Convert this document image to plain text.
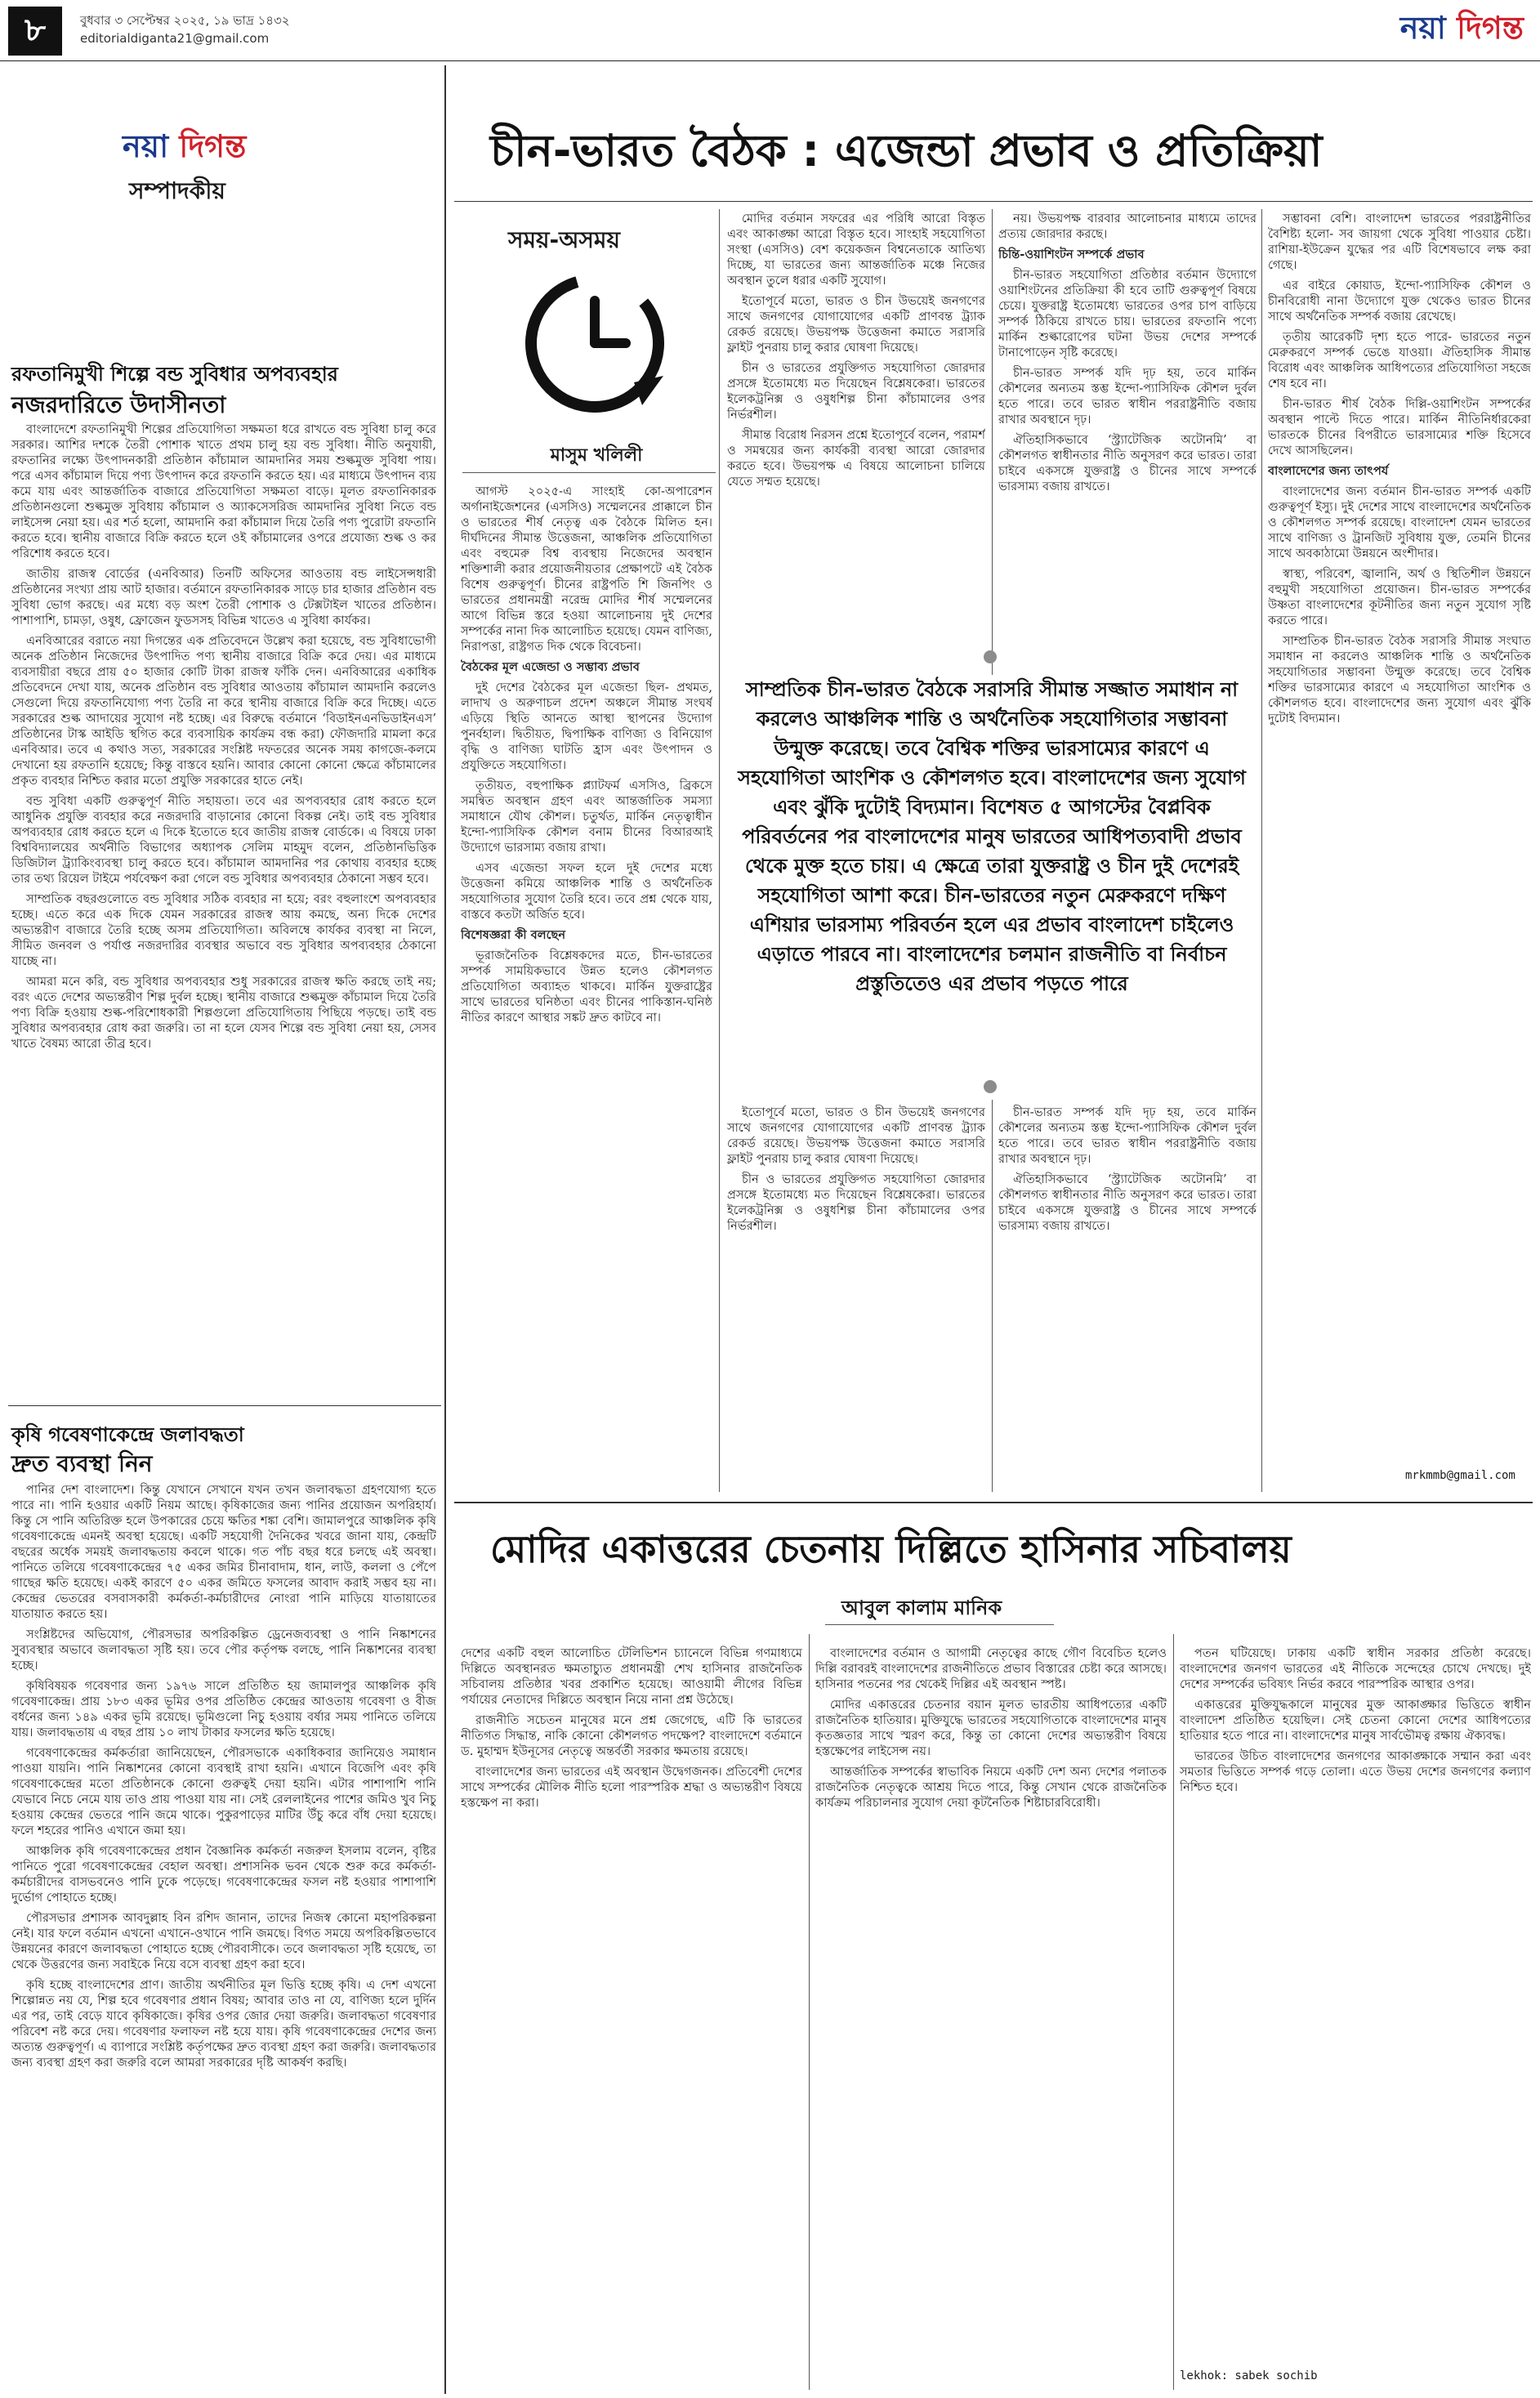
৮	বুধবার ৩ সেপ্টেম্বর ২০২৫, ১৯ ভাদ্র ১৪৩২
editorialdiganta21@gmail.com	নয়া দিগন্ত
নয়া দিগন্ত
সম্পাদকীয়
রফতানিমুখী শিল্পে বন্ড সুবিধার অপব্যবহার
নজরদারিতে উদাসীনতা

বাংলাদেশে রফতানিমুখী শিল্পের প্রতিযোগিতা সক্ষমতা ধরে রাখতে বন্ড সুবিধা চালু করে সরকার। আশির দশকে তৈরী পোশাক খাতে প্রথম চালু হয় বন্ড সুবিধা। নীতি অনুযায়ী, রফতানির লক্ষ্যে উৎপাদনকারী প্রতিষ্ঠান কাঁচামাল আমদানির সময় শুল্কমুক্ত সুবিধা পায়। পরে এসব কাঁচামাল দিয়ে পণ্য উৎপাদন করে রফতানি করতে হয়। এর মাধ্যমে উৎপাদন ব্যয় কমে যায় এবং আন্তর্জাতিক বাজারে প্রতিযোগিতা সক্ষমতা বাড়ে। মূলত রফতানিকারক প্রতিষ্ঠানগুলো শুল্কমুক্ত সুবিধায় কাঁচামাল ও অ্যাকসেসরিজ আমদানির সুবিধা নিতে বন্ড লাইসেন্স নেয়া হয়। এর শর্ত হলো, আমদানি করা কাঁচামাল দিয়ে তৈরি পণ্য পুরোটা রফতানি করতে হবে। স্থানীয় বাজারে বিক্রি করতে হলে ওই কাঁচামালের ওপরে প্রযোজ্য শুল্ক ও কর পরিশোধ করতে হবে।

জাতীয় রাজস্ব বোর্ডের (এনবিআর) তিনটি অফিসের আওতায় বন্ড লাইসেন্সধারী প্রতিষ্ঠানের সংখ্যা প্রায় আট হাজার। বর্তমানে রফতানিকারক সাড়ে চার হাজার প্রতিষ্ঠান বন্ড সুবিধা ভোগ করছে। এর মধ্যে বড় অংশ তৈরী পোশাক ও টেক্সটাইল খাতের প্রতিষ্ঠান। পাশাপাশি, চামড়া, ওষুধ, ফ্রোজেন ফুডসসহ বিভিন্ন খাতেও এ সুবিধা কার্যকর।

এনবিআরের বরাতে নয়া দিগন্তের এক প্রতিবেদনে উল্লেখ করা হয়েছে, বন্ড সুবিধাভোগী অনেক প্রতিষ্ঠান নিজেদের উৎপাদিত পণ্য স্থানীয় বাজারে বিক্রি করে দেয়। এর মাধ্যমে ব্যবসায়ীরা বছরে প্রায় ৫০ হাজার কোটি টাকা রাজস্ব ফাঁকি দেন। এনবিআরের একাধিক প্রতিবেদনে দেখা যায়, অনেক প্রতিষ্ঠান বন্ড সুবিধার আওতায় কাঁচামাল আমদানি করলেও সেগুলো দিয়ে রফতানিযোগ্য পণ্য তৈরি না করে স্থানীয় বাজারে বিক্রি করে দিচ্ছে। এতে সরকারের শুল্ক আদায়ের সুযোগ নষ্ট হচ্ছে। এর বিরুদ্ধে বর্তমানে ‘বিডাইনএনভিডাইনএস’ প্রতিষ্ঠানের টাস্ক আইডি স্থগিত করে ব্যবসায়িক কার্যক্রম বন্ধ করা) ফৌজদারি মামলা করে এনবিআর। তবে এ কথাও সত্য, সরকারের সংশ্লিষ্ট দফতরের অনেক সময় কাগজে-কলমে দেখানো হয় রফতানি হয়েছে; কিন্তু বাস্তবে হয়নি। আবার কোনো কোনো ক্ষেত্রে কাঁচামালের প্রকৃত ব্যবহার নিশ্চিত করার মতো প্রযুক্তি সরকারের হাতে নেই।

বন্ড সুবিধা একটি গুরুত্বপূর্ণ নীতি সহায়তা। তবে এর অপব্যবহার রোধ করতে হলে আধুনিক প্রযুক্তি ব্যবহার করে নজরদারি বাড়ানোর কোনো বিকল্প নেই। তাই বন্ড সুবিধার অপব্যবহার রোধ করতে হলে এ দিকে ইতোতে হবে জাতীয় রাজস্ব বোর্ডকে। এ বিষয়ে ঢাকা বিশ্ববিদ্যালয়ের অর্থনীতি বিভাগের অধ্যাপক সেলিম মাহমুদ বলেন, প্রতিষ্ঠানভিত্তিক ডিজিটাল ট্র্যাকিংব্যবস্থা চালু করতে হবে। কাঁচামাল আমদানির পর কোথায় ব্যবহার হচ্ছে তার তথ্য রিয়েল টাইমে পর্যবেক্ষণ করা গেলে বন্ড সুবিধার অপব্যবহার ঠেকানো সম্ভব হবে।

সাম্প্রতিক বছরগুলোতে বন্ড সুবিধার সঠিক ব্যবহার না হয়ে; বরং বহুলাংশে অপব্যবহার হচ্ছে। এতে করে এক দিকে যেমন সরকারের রাজস্ব আয় কমছে, অন্য দিকে দেশের অভ্যন্তরীণ বাজারে তৈরি হচ্ছে অসম প্রতিযোগিতা। অবিলম্বে কার্যকর ব্যবস্থা না নিলে, সীমিত জনবল ও পর্যাপ্ত নজরদারির ব্যবস্থার অভাবে বন্ড সুবিধার অপব্যবহার ঠেকানো যাচ্ছে না।

আমরা মনে করি, বন্ড সুবিধার অপব্যবহার শুধু সরকারের রাজস্ব ক্ষতি করছে তাই নয়; বরং এতে দেশের অভ্যন্তরীণ শিল্প দুর্বল হচ্ছে। স্থানীয় বাজারে শুল্কমুক্ত কাঁচামাল দিয়ে তৈরি পণ্য বিক্রি হওয়ায় শুল্ক-পরিশোধকারী শিল্পগুলো প্রতিযোগিতায় পিছিয়ে পড়ছে। তাই বন্ড সুবিধার অপব্যবহার রোধ করা জরুরি। তা না হলে যেসব শিল্পে বন্ড সুবিধা নেয়া হয়, সেসব খাতে বৈষম্য আরো তীব্র হবে।

কৃষি গবেষণাকেন্দ্রে জলাবদ্ধতা
দ্রুত ব্যবস্থা নিন

পানির দেশ বাংলাদেশ। কিন্তু যেখানে সেখানে যখন তখন জলাবদ্ধতা গ্রহণযোগ্য হতে পারে না। পানি হওয়ার একটি নিয়ম আছে। কৃষিকাজের জন্য পানির প্রয়োজন অপরিহার্য। কিন্তু সে পানি অতিরিক্ত হলে উপকারের চেয়ে ক্ষতির শঙ্কা বেশি। জামালপুরে আঞ্চলিক কৃষি গবেষণাকেন্দ্রে এমনই অবস্থা হয়েছে। একটি সহযোগী দৈনিকের খবরে জানা যায়, কেন্দ্রটি বছরের অর্ধেক সময়ই জলাবদ্ধতায় কবলে থাকে। গত পাঁচ বছর ধরে চলছে এই অবস্থা। পানিতে তলিয়ে গবেষণাকেন্দ্রের ৭৫ একর জমির চীনাবাদাম, ধান, লাউ, কললা ও পেঁপে গাছের ক্ষতি হয়েছে। একই কারণে ৫০ একর জমিতে ফসলের আবাদ করাই সম্ভব হয় না। কেন্দ্রের ভেতরের বসবাসকারী কর্মকর্তা-কর্মচারীদের নোংরা পানি মাড়িয়ে যাতায়াতের যাতায়াত করতে হয়।

সংশ্লিষ্টদের অভিযোগ, পৌরসভার অপরিকল্পিত ড্রেনেজব্যবস্থা ও পানি নিষ্কাশনের সুব্যবস্থার অভাবে জলাবদ্ধতা সৃষ্টি হয়। তবে পৌর কর্তৃপক্ষ বলছে, পানি নিষ্কাশনের ব্যবস্থা হচ্ছে।

কৃষিবিষয়ক গবেষণার জন্য ১৯৭৬ সালে প্রতিষ্ঠিত হয় জামালপুর আঞ্চলিক কৃষি গবেষণাকেন্দ্র। প্রায় ১৮৩ একর ভূমির ওপর প্রতিষ্ঠিত কেন্দ্রের আওতায় গবেষণা ও বীজ বর্ধনের জন্য ১৪৯ একর ভূমি রয়েছে। ভূমিগুলো নিচু হওয়ায় বর্ষার সময় পানিতে তলিয়ে যায়। জলাবদ্ধতায় এ বছর প্রায় ১০ লাখ টাকার ফসলের ক্ষতি হয়েছে।

গবেষণাকেন্দ্রের কর্মকর্তারা জানিয়েছেন, পৌরসভাকে একাধিকবার জানিয়েও সমাধান পাওয়া যায়নি। পানি নিষ্কাশনের কোনো ব্যবস্থাই রাখা হয়নি। এখানে বিজেপি এবং কৃষি গবেষণাকেন্দ্রের মতো প্রতিষ্ঠানকে কোনো গুরুত্বই দেয়া হয়নি। এটার পাশাপাশি পানি যেভাবে নিচে নেমে যায় তাও প্রায় পাওয়া যায় না। সেই রেললাইনের পাশের জমিও খুব নিচু হওয়ায় কেন্দ্রের ভেতরে পানি জমে থাকে। পুকুরপাড়ের মাটির উঁচু করে বাঁধ দেয়া হয়েছে। ফলে শহরের পানিও এখানে জমা হয়।

আঞ্চলিক কৃষি গবেষণাকেন্দ্রের প্রধান বৈজ্ঞানিক কর্মকর্তা নজরুল ইসলাম বলেন, বৃষ্টির পানিতে পুরো গবেষণাকেন্দ্রের বেহাল অবস্থা। প্রশাসনিক ভবন থেকে শুরু করে কর্মকর্তা-কর্মচারীদের বাসভবনেও পানি ঢুকে পড়েছে। গবেষণাকেন্দ্রের ফসল নষ্ট হওয়ার পাশাপাশি দুর্ভোগ পোহাতে হচ্ছে।

পৌরসভার প্রশাসক আবদুল্লাহ বিন রশিদ জানান, তাদের নিজস্ব কোনো মহাপরিকল্পনা নেই। যার ফলে বর্তমান এখনো এখানে-ওখানে পানি জমছে। বিগত সময়ে অপরিকল্পিতভাবে উন্নয়নের কারণে জলাবদ্ধতা পোহাতে হচ্ছে পৌরবাসীকে। তবে জলাবদ্ধতা সৃষ্টি হয়েছে, তা থেকে উত্তরণের জন্য সবাইকে নিয়ে বসে ব্যবস্থা গ্রহণ করা হবে।

কৃষি হচ্ছে বাংলাদেশের প্রাণ। জাতীয় অর্থনীতির মূল ভিত্তি হচ্ছে কৃষি। এ দেশ এখনো শিল্পোন্নত নয় যে, শিল্প হবে গবেষণার প্রধান বিষয়; আবার তাও না যে, বাণিজ্য হলে দুর্দিন এর পর, তাই বেড়ে যাবে কৃষিকাজে। কৃষির ওপর জোর দেয়া জরুরি। জলাবদ্ধতা গবেষণার পরিবেশ নষ্ট করে দেয়। গবেষণার ফলাফল নষ্ট হয়ে যায়। কৃষি গবেষণাকেন্দ্রের দেশের জন্য অত্যন্ত গুরুত্বপূর্ণ। এ ব্যাপারে সংশ্লিষ্ট কর্তৃপক্ষের দ্রুত ব্যবস্থা গ্রহণ করা জরুরি। জলাবদ্ধতার জন্য ব্যবস্থা গ্রহণ করা জরুরি বলে আমরা সরকারের দৃষ্টি আকর্ষণ করছি।

চীন-ভারত বৈঠক : এজেন্ডা প্রভাব ও প্রতিক্রিয়া
সময়-অসময়
মাসুম খলিলী

আগস্ট ২০২৫-এ সাংহাই কো-অপারেশন অর্গানাইজেশনের (এসসিও) সম্মেলনের প্রাক্কালে চীন ও ভারতের শীর্ষ নেতৃত্ব এক বৈঠকে মিলিত হন। দীর্ঘদিনের সীমান্ত উত্তেজনা, আঞ্চলিক প্রতিযোগিতা এবং বহুমেরু বিশ্ব ব্যবস্থায় নিজেদের অবস্থান শক্তিশালী করার প্রয়োজনীয়তার প্রেক্ষাপটে এই বৈঠক বিশেষ গুরুত্বপূর্ণ। চীনের রাষ্ট্রপতি শি জিনপিং ও ভারতের প্রধানমন্ত্রী নরেন্দ্র মোদির শীর্ষ সম্মেলনের আগে বিভিন্ন স্তরে হওয়া আলোচনায় দুই দেশের সম্পর্কের নানা দিক আলোচিত হয়েছে। যেমন বাণিজ্য, নিরাপত্তা, রাষ্ট্রগত দিক থেকে বিবেচনা।

বৈঠকের মূল এজেন্ডা ও সম্ভাব্য প্রভাব

দুই দেশের বৈঠকের মূল এজেন্ডা ছিল- প্রথমত, লাদাখ ও অরুণাচল প্রদেশ অঞ্চলে সীমান্ত সংঘর্ষ এড়িয়ে স্থিতি আনতে আস্থা স্থাপনের উদ্যোগ পুনর্বহাল। দ্বিতীয়ত, দ্বিপাক্ষিক বাণিজ্য ও বিনিয়োগ বৃদ্ধি ও বাণিজ্য ঘাটতি হ্রাস এবং উৎপাদন ও প্রযুক্তিতে সহযোগিতা।

তৃতীয়ত, বহুপাক্ষিক প্ল্যাটফর্ম এসসিও, ব্রিকসে সমন্বিত অবস্থান গ্রহণ এবং আন্তর্জাতিক সমস্যা সমাধানে যৌথ কৌশল। চতুর্থত, মার্কিন নেতৃত্বাধীন ইন্দো-প্যাসিফিক কৌশল বনাম চীনের বিআরআই উদ্যোগে ভারসাম্য বজায় রাখা।

এসব এজেন্ডা সফল হলে দুই দেশের মধ্যে উত্তেজনা কমিয়ে আঞ্চলিক শান্তি ও অর্থনৈতিক সহযোগিতার সুযোগ তৈরি হবে। তবে প্রশ্ন থেকে যায়, বাস্তবে কতটা অর্জিত হবে।

বিশেষজ্ঞরা কী বলছেন

ভূরাজনৈতিক বিশ্লেষকদের মতে, চীন-ভারতের সম্পর্ক সাময়িকভাবে উন্নত হলেও কৌশলগত প্রতিযোগিতা অব্যাহত থাকবে। মার্কিন যুক্তরাষ্ট্রের সাথে ভারতের ঘনিষ্ঠতা এবং চীনের পাকিস্তান-ঘনিষ্ঠ নীতির কারণে আস্থার সঙ্কট দ্রুত কাটবে না।

মোদির বর্তমান সফরের এর পরিধি আরো বিস্তৃত এবং আকাঙ্ক্ষা আরো বিস্তৃত হবে। সাংহাই সহযোগিতা সংস্থা (এসসিও) বেশ কয়েকজন বিশ্বনেতাকে আতিথ্য দিচ্ছে, যা ভারতের জন্য আন্তর্জাতিক মঞ্চে নিজের অবস্থান তুলে ধরার একটি সুযোগ।

ইতোপূর্বে মতো, ভারত ও চীন উভয়েই জনগণের সাথে জনগণের যোগাযোগের একটি প্রাণবন্ত ট্র্যাক রেকর্ড রয়েছে। উভয়পক্ষ উত্তেজনা কমাতে সরাসরি ফ্লাইট পুনরায় চালু করার ঘোষণা দিয়েছে।

চীন ও ভারতের প্রযুক্তিগত সহযোগিতা জোরদার প্রসঙ্গে ইতোমধ্যে মত দিয়েছেন বিশ্লেষকেরা। ভারতের ইলেকট্রনিক্স ও ওষুধশিল্প চীনা কাঁচামালের ওপর নির্ভরশীল।

সীমান্ত বিরোধ নিরসন প্রশ্নে ইতোপূর্বে বলেন, পরামর্শ ও সমন্বয়ের জন্য কার্যকরী ব্যবস্থা আরো জোরদার করতে হবে। উভয়পক্ষ এ বিষয়ে আলোচনা চালিয়ে যেতে সম্মত হয়েছে।

নয়। উভয়পক্ষ বারবার আলোচনার মাধ্যমে তাদের প্রত্যয় জোরদার করছে।

চিন্তি-ওয়াশিংটন সম্পর্কে প্রভাব

চীন-ভারত সহযোগিতা প্রতিষ্ঠার বর্তমান উদ্যোগে ওয়াশিংটনের প্রতিক্রিয়া কী হবে তাটি গুরুত্বপূর্ণ বিষয়ে চেয়ে। যুক্তরাষ্ট্র ইতোমধ্যে ভারতের ওপর চাপ বাড়িয়ে সম্পর্ক ঠিকিয়ে রাখতে চায়। ভারতের রফতানি পণ্যে মার্কিন শুল্কারোপের ঘটনা উভয় দেশের সম্পর্কে টানাপোড়েন সৃষ্টি করেছে।

চীন-ভারত সম্পর্ক যদি দৃঢ় হয়, তবে মার্কিন কৌশলের অন্যতম স্তম্ভ ইন্দো-প্যাসিফিক কৌশল দুর্বল হতে পারে। তবে ভারত স্বাধীন পররাষ্ট্রনীতি বজায় রাখার অবস্থানে দৃঢ়।

ঐতিহাসিকভাবে ‘স্ট্র্যাটেজিক অটোনমি’ বা কৌশলগত স্বাধীনতার নীতি অনুসরণ করে ভারত। তারা চাইবে একসঙ্গে যুক্তরাষ্ট্র ও চীনের সাথে সম্পর্কে ভারসাম্য বজায় রাখতে।

সাম্প্রতিক চীন-ভারত বৈঠকে সরাসরি সীমান্ত সজ্জাত সমাধান না করলেও আঞ্চলিক শান্তি ও অর্থনৈতিক সহযোগিতার সম্ভাবনা উন্মুক্ত করেছে। তবে বৈশ্বিক শক্তির ভারসাম্যের কারণে এ সহযোগিতা আংশিক ও কৌশলগত হবে। বাংলাদেশের জন্য সুযোগ এবং ঝুঁকি দুটোই বিদ্যমান। বিশেষত ৫ আগস্টের বৈপ্লবিক পরিবর্তনের পর বাংলাদেশের মানুষ ভারতের আধিপত্যবাদী প্রভাব থেকে মুক্ত হতে চায়। এ ক্ষেত্রে তারা যুক্তরাষ্ট্র ও চীন দুই দেশেরই সহযোগিতা আশা করে। চীন-ভারতের নতুন মেরুকরণে দক্ষিণ এশিয়ার ভারসাম্য পরিবর্তন হলে এর প্রভাব বাংলাদেশ চাইলেও এড়াতে পারবে না। বাংলাদেশের চলমান রাজনীতি বা নির্বাচন প্রস্তুতিতেও এর প্রভাব পড়তে পারে

ইতোপূর্বে মতো, ভারত ও চীন উভয়েই জনগণের সাথে জনগণের যোগাযোগের একটি প্রাণবন্ত ট্র্যাক রেকর্ড রয়েছে। উভয়পক্ষ উত্তেজনা কমাতে সরাসরি ফ্লাইট পুনরায় চালু করার ঘোষণা দিয়েছে।

চীন ও ভারতের প্রযুক্তিগত সহযোগিতা জোরদার প্রসঙ্গে ইতোমধ্যে মত দিয়েছেন বিশ্লেষকেরা। ভারতের ইলেকট্রনিক্স ও ওষুধশিল্প চীনা কাঁচামালের ওপর নির্ভরশীল।

চীন-ভারত সম্পর্ক যদি দৃঢ় হয়, তবে মার্কিন কৌশলের অন্যতম স্তম্ভ ইন্দো-প্যাসিফিক কৌশল দুর্বল হতে পারে। তবে ভারত স্বাধীন পররাষ্ট্রনীতি বজায় রাখার অবস্থানে দৃঢ়।

ঐতিহাসিকভাবে ‘স্ট্র্যাটেজিক অটোনমি’ বা কৌশলগত স্বাধীনতার নীতি অনুসরণ করে ভারত। তারা চাইবে একসঙ্গে যুক্তরাষ্ট্র ও চীনের সাথে সম্পর্কে ভারসাম্য বজায় রাখতে।

সম্ভাবনা বেশি। বাংলাদেশ ভারতের পররাষ্ট্রনীতির বৈশিষ্ট্য হলো- সব জায়গা থেকে সুবিধা পাওয়ার চেষ্টা। রাশিয়া-ইউক্রেন যুদ্ধের পর এটি বিশেষভাবে লক্ষ করা গেছে।

এর বাইরে কোয়াড, ইন্দো-প্যাসিফিক কৌশল ও চীনবিরোধী নানা উদ্যোগে যুক্ত থেকেও ভারত চীনের সাথে অর্থনৈতিক সম্পর্ক বজায় রেখেছে।

তৃতীয় আরেকটি দৃশ্য হতে পারে- ভারতের নতুন মেরুকরণে সম্পর্ক ভেঙে যাওয়া। ঐতিহাসিক সীমান্ত বিরোধ এবং আঞ্চলিক আধিপত্যের প্রতিযোগিতা সহজে শেষ হবে না।

চীন-ভারত শীর্ষ বৈঠক দিল্লি-ওয়াশিংটন সম্পর্কের অবস্থান পাল্টে দিতে পারে। মার্কিন নীতিনির্ধারকেরা ভারতকে চীনের বিপরীতে ভারসাম্যের শক্তি হিসেবে দেখে আসছিলেন।

বাংলাদেশের জন্য তাৎপর্য

বাংলাদেশের জন্য বর্তমান চীন-ভারত সম্পর্ক একটি গুরুত্বপূর্ণ ইস্যু। দুই দেশের সাথে বাংলাদেশের অর্থনৈতিক ও কৌশলগত সম্পর্ক রয়েছে। বাংলাদেশ যেমন ভারতের সাথে বাণিজ্য ও ট্রানজিট সুবিধায় যুক্ত, তেমনি চীনের সাথে অবকাঠামো উন্নয়নে অংশীদার।

স্বাস্থ্য, পরিবেশ, জ্বালানি, অর্থ ও স্থিতিশীল উন্নয়নে বহুমুখী সহযোগিতা প্রয়োজন। চীন-ভারত সম্পর্কের উষ্ণতা বাংলাদেশের কূটনীতির জন্য নতুন সুযোগ সৃষ্টি করতে পারে।

সাম্প্রতিক চীন-ভারত বৈঠক সরাসরি সীমান্ত সংঘাত সমাধান না করলেও আঞ্চলিক শান্তি ও অর্থনৈতিক সহযোগিতার সম্ভাবনা উন্মুক্ত করেছে। তবে বৈশ্বিক শক্তির ভারসাম্যের কারণে এ সহযোগিতা আংশিক ও কৌশলগত হবে। বাংলাদেশের জন্য সুযোগ এবং ঝুঁকি দুটোই বিদ্যমান।

mrkmmb@gmail.com
মোদির একাত্তরের চেতনায় দিল্লিতে হাসিনার সচিবালয়
আবুল কালাম মানিক

দেশের একটি বহুল আলোচিত টেলিভিশন চ্যানেলে বিভিন্ন গণমাধ্যমে দিল্লিতে অবস্থানরত ক্ষমতাচ্যুত প্রধানমন্ত্রী শেখ হাসিনার রাজনৈতিক সচিবালয় প্রতিষ্ঠার খবর প্রকাশিত হয়েছে। আওয়ামী লীগের বিভিন্ন পর্যায়ের নেতাদের দিল্লিতে অবস্থান নিয়ে নানা প্রশ্ন উঠেছে।

রাজনীতি সচেতন মানুষের মনে প্রশ্ন জেগেছে, এটি কি ভারতের নীতিগত সিদ্ধান্ত, নাকি কোনো কৌশলগত পদক্ষেপ? বাংলাদেশে বর্তমানে ড. মুহাম্মদ ইউনূসের নেতৃত্বে অন্তর্বর্তী সরকার ক্ষমতায় রয়েছে।

বাংলাদেশের জন্য ভারতের এই অবস্থান উদ্বেগজনক। প্রতিবেশী দেশের সাথে সম্পর্কের মৌলিক নীতি হলো পারস্পরিক শ্রদ্ধা ও অভ্যন্তরীণ বিষয়ে হস্তক্ষেপ না করা।

বাংলাদেশের বর্তমান ও আগামী নেতৃত্বের কাছে গৌণ বিবেচিত হলেও দিল্লি বরাবরই বাংলাদেশের রাজনীতিতে প্রভাব বিস্তারের চেষ্টা করে আসছে। হাসিনার পতনের পর থেকেই দিল্লির এই অবস্থান স্পষ্ট।

মোদির একাত্তরের চেতনার বয়ান মূলত ভারতীয় আধিপত্যের একটি রাজনৈতিক হাতিয়ার। মুক্তিযুদ্ধে ভারতের সহযোগিতাকে বাংলাদেশের মানুষ কৃতজ্ঞতার সাথে স্মরণ করে, কিন্তু তা কোনো দেশের অভ্যন্তরীণ বিষয়ে হস্তক্ষেপের লাইসেন্স নয়।

আন্তর্জাতিক সম্পর্কের স্বাভাবিক নিয়মে একটি দেশ অন্য দেশের পলাতক রাজনৈতিক নেতৃত্বকে আশ্রয় দিতে পারে, কিন্তু সেখান থেকে রাজনৈতিক কার্যক্রম পরিচালনার সুযোগ দেয়া কূটনৈতিক শিষ্টাচারবিরোধী।

পতন ঘটিয়েছে। ঢাকায় একটি স্বাধীন সরকার প্রতিষ্ঠা করেছে। বাংলাদেশের জনগণ ভারতের এই নীতিকে সন্দেহের চোখে দেখছে। দুই দেশের সম্পর্কের ভবিষ্যৎ নির্ভর করবে পারস্পরিক আস্থার ওপর।

একাত্তরের মুক্তিযুদ্ধকালে মানুষের মুক্ত আকাঙ্ক্ষার ভিত্তিতে স্বাধীন বাংলাদেশ প্রতিষ্ঠিত হয়েছিল। সেই চেতনা কোনো দেশের আধিপত্যের হাতিয়ার হতে পারে না। বাংলাদেশের মানুষ সার্বভৌমত্ব রক্ষায় ঐক্যবদ্ধ।

ভারতের উচিত বাংলাদেশের জনগণের আকাঙ্ক্ষাকে সম্মান করা এবং সমতার ভিত্তিতে সম্পর্ক গড়ে তোলা। এতে উভয় দেশের জনগণের কল্যাণ নিশ্চিত হবে।

lekhok: sabek sochib
